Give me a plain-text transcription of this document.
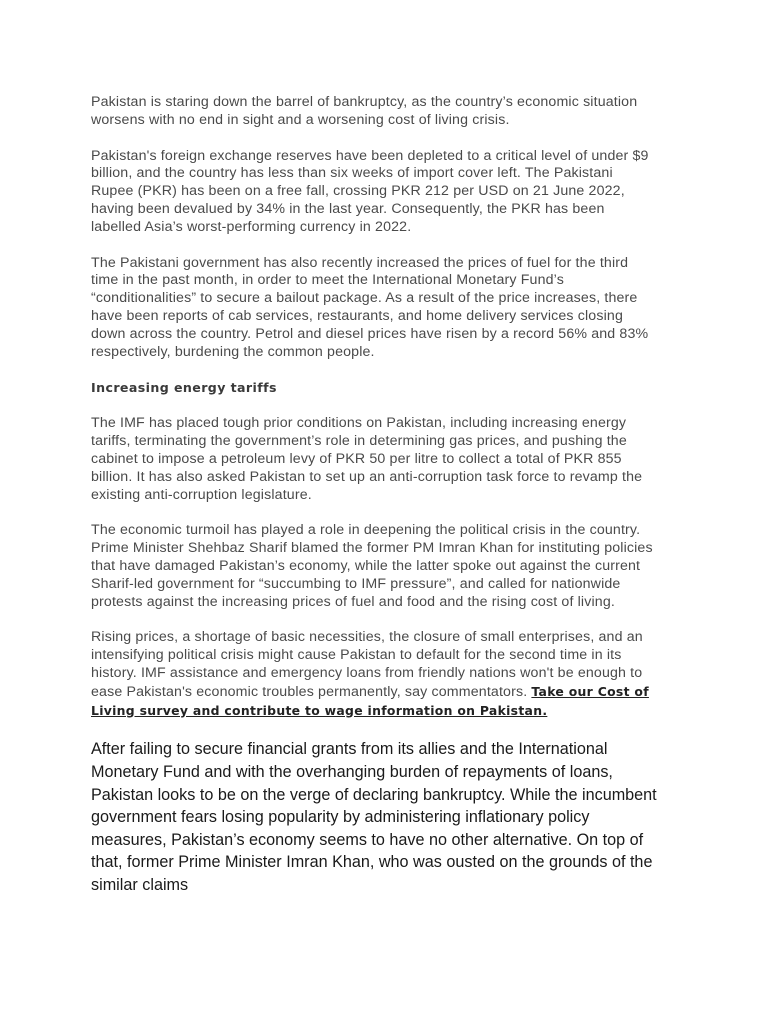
Pakistan is staring down the barrel of bankruptcy, as the country’s economic situation worsens with no end in sight and a worsening cost of living crisis.

Pakistan's foreign exchange reserves have been depleted to a critical level of under $9 billion, and the country has less than six weeks of import cover left. The Pakistani Rupee (PKR) has been on a free fall, crossing PKR 212 per USD on 21 June 2022, having been devalued by 34% in the last year. Consequently, the PKR has been labelled Asia’s worst-performing currency in 2022.

The Pakistani government has also recently increased the prices of fuel for the third time in the past month, in order to meet the International Monetary Fund’s “conditionalities” to secure a bailout package. As a result of the price increases, there have been reports of cab services, restaurants, and home delivery services closing down across the country. Petrol and diesel prices have risen by a record 56% and 83% respectively, burdening the common people.

Increasing energy tariffs

The IMF has placed tough prior conditions on Pakistan, including increasing energy tariffs, terminating the government’s role in determining gas prices, and pushing the cabinet to impose a petroleum levy of PKR 50 per litre to collect a total of PKR 855 billion. It has also asked Pakistan to set up an anti-corruption task force to revamp the existing anti-corruption legislature.

The economic turmoil has played a role in deepening the political crisis in the country. Prime Minister Shehbaz Sharif blamed the former PM Imran Khan for instituting policies that have damaged Pakistan’s economy, while the latter spoke out against the current Sharif-led government for “succumbing to IMF pressure”, and called for nationwide protests against the increasing prices of fuel and food and the rising cost of living.

Rising prices, a shortage of basic necessities, the closure of small enterprises, and an intensifying political crisis might cause Pakistan to default for the second time in its history. IMF assistance and emergency loans from friendly nations won't be enough to ease Pakistan's economic troubles permanently, say commentators. Take our Cost of Living survey and contribute to wage information on Pakistan.

After failing to secure financial grants from its allies and the International Monetary Fund and with the overhanging burden of repayments of loans, Pakistan looks to be on the verge of declaring bankruptcy. While the incumbent government fears losing popularity by administering inflationary policy measures, Pakistan’s economy seems to have no other alternative. On top of that, former Prime Minister Imran Khan, who was ousted on the grounds of the similar claims
